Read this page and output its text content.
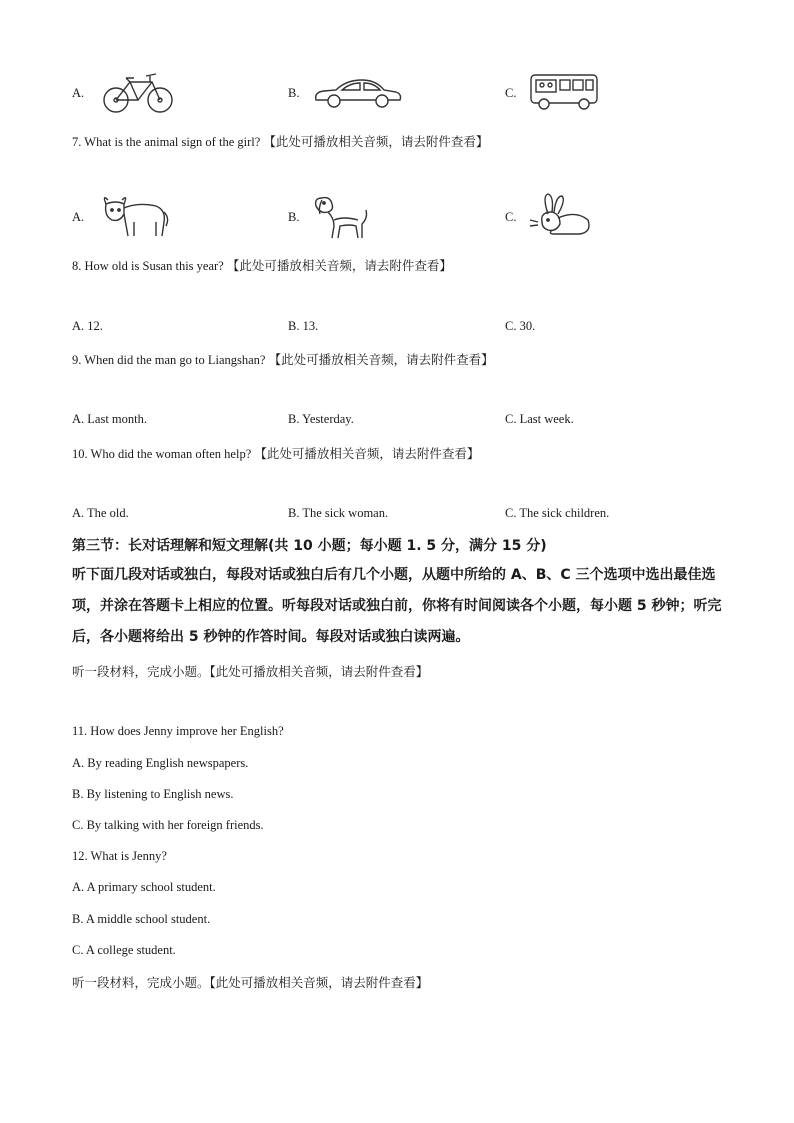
A.	B.	C.
7. What is the animal sign of the girl? 【此处可播放相关音频，请去附件查看】
A.	B.	C.
8. How old is Susan this year? 【此处可播放相关音频，请去附件查看】
A. 12.	B. 13.	C. 30.
9. When did the man go to Liangshan? 【此处可播放相关音频，请去附件查看】
A. Last month.	B. Yesterday.	C. Last week.
10. Who did the woman often help? 【此处可播放相关音频，请去附件查看】
A. The old.	B. The sick woman.	C. The sick children.
第三节：长对话理解和短文理解(共 10 小题；每小题 1. 5 分，满分 15 分)
听下面几段对话或独白，每段对话或独白后有几个小题，从题中所给的 A、B、C 三个选项中选出最佳选项，并涂在答题卡上相应的位置。听每段对话或独白前，你将有时间阅读各个小题，每小题 5 秒钟；听完后，各小题将给出 5 秒钟的作答时间。每段对话或独白读两遍。
听一段材料，完成小题。【此处可播放相关音频，请去附件查看】
11. How does Jenny improve her English?
A. By reading English newspapers.
B. By listening to English news.
C. By talking with her foreign friends.
12. What is Jenny?
A. A primary school student.
B. A middle school student.
C. A college student.
听一段材料，完成小题。【此处可播放相关音频，请去附件查看】
